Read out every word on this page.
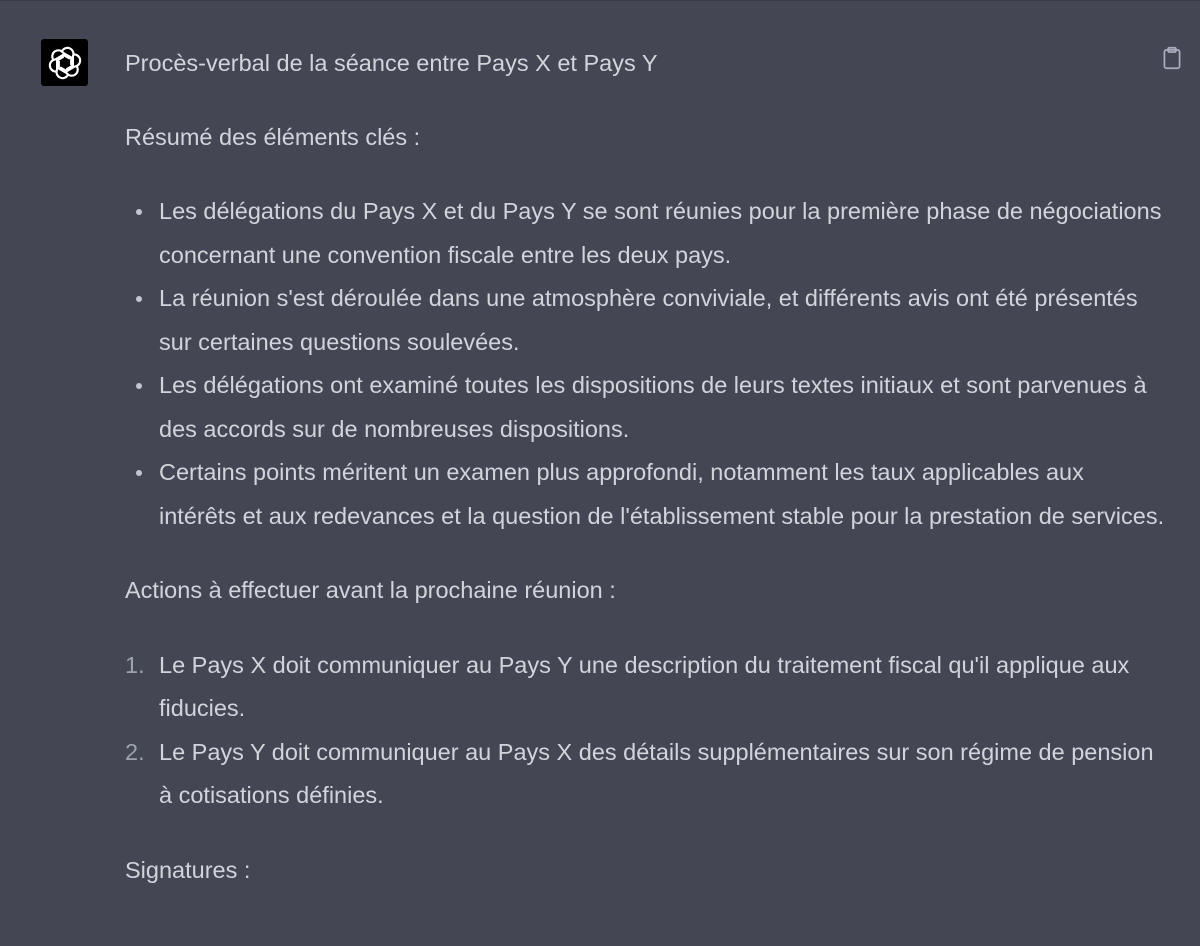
Procès-verbal de la séance entre Pays X et Pays Y

Résumé des éléments clés :

Les délégations du Pays X et du Pays Y se sont réunies pour la première phase de négociations concernant une convention fiscale entre les deux pays.
La réunion s'est déroulée dans une atmosphère conviviale, et différents avis ont été présentés sur certaines questions soulevées.
Les délégations ont examiné toutes les dispositions de leurs textes initiaux et sont parvenues à des accords sur de nombreuses dispositions.
Certains points méritent un examen plus approfondi, notamment les taux applicables aux intérêts et aux redevances et la question de l'établissement stable pour la prestation de services.

Actions à effectuer avant la prochaine réunion :

1. Le Pays X doit communiquer au Pays Y une description du traitement fiscal qu'il applique aux fiducies.
2. Le Pays Y doit communiquer au Pays X des détails supplémentaires sur son régime de pension à cotisations définies.

Signatures :
